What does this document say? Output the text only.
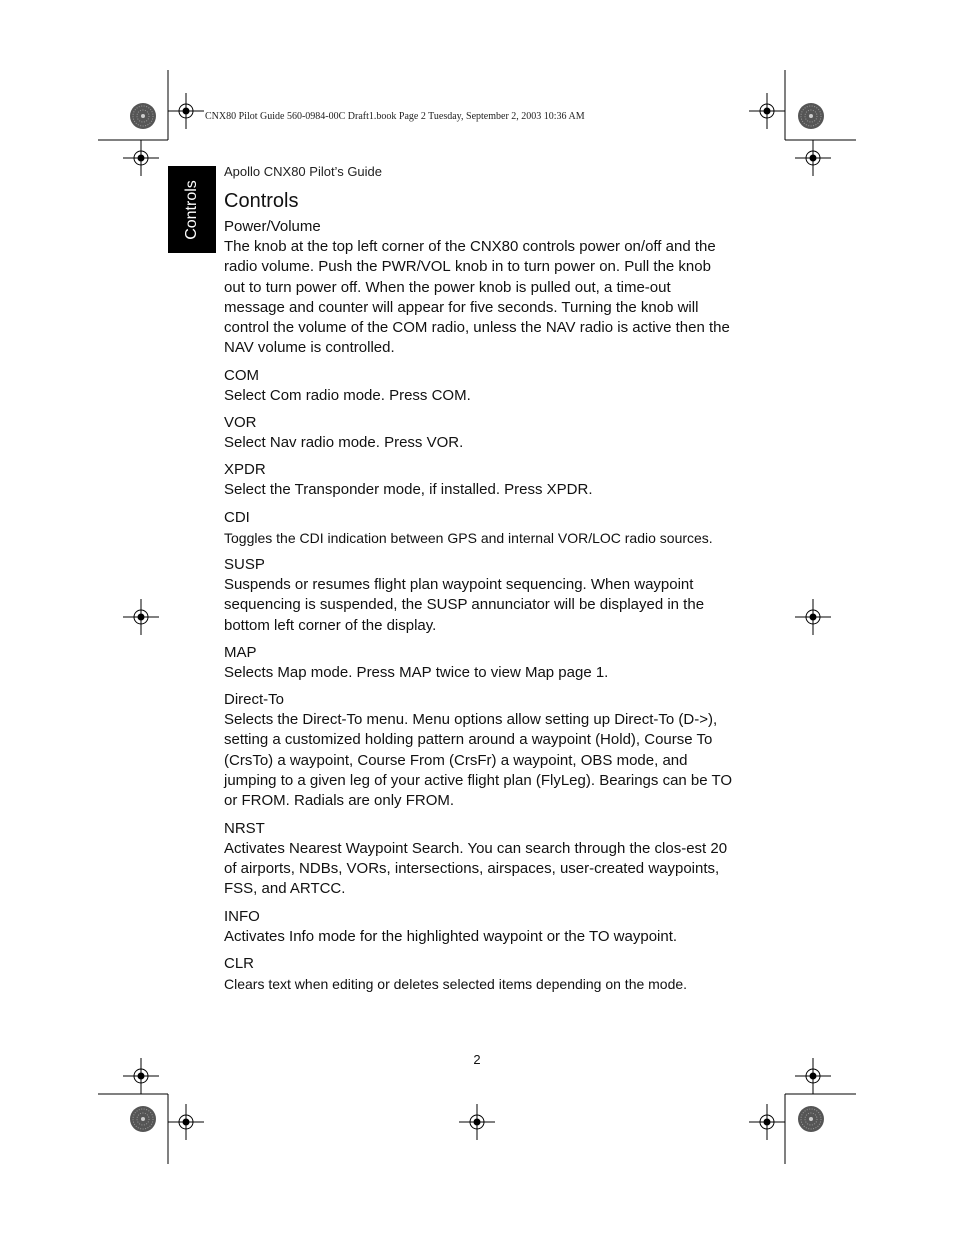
CNX80 Pilot Guide 560-0984-00C Draft1.book Page 2 Tuesday, September 2, 2003 10:36 AM
Controls
Apollo CNX80 Pilot’s Guide
Controls
Power/Volume

The knob at the top left corner of the CNX80 controls power on/off and the radio volume. Push the PWR/VOL knob in to turn power on. Pull the knob out to turn power off. When the power knob is pulled out, a time-out message and counter will appear for five seconds. Turning the knob will control the volume of the COM radio, unless the NAV radio is active then the NAV volume is controlled.

COM

Select Com radio mode. Press COM.

VOR

Select Nav radio mode. Press VOR.

XPDR

Select the Transponder mode, if installed. Press XPDR.

CDI

Toggles the CDI indication between GPS and internal VOR/LOC radio sources.

SUSP

Suspends or resumes flight plan waypoint sequencing. When waypoint sequencing is suspended, the SUSP annunciator will be displayed in the bottom left corner of the display.

MAP

Selects Map mode. Press MAP twice to view Map page 1.

Direct-To

Selects the Direct-To menu. Menu options allow setting up Direct-To (D->), setting a customized holding pattern around a waypoint (Hold), Course To (CrsTo) a waypoint, Course From (CrsFr) a waypoint, OBS mode, and jumping to a given leg of your active flight plan (FlyLeg). Bearings can be TO or FROM. Radials are only FROM.

NRST

Activates Nearest Waypoint Search. You can search through the clos-est 20 of airports, NDBs, VORs, intersections, airspaces, user-created waypoints, FSS, and ARTCC.

INFO

Activates Info mode for the highlighted waypoint or the TO waypoint.

CLR

Clears text when editing or deletes selected items depending on the mode.

2
